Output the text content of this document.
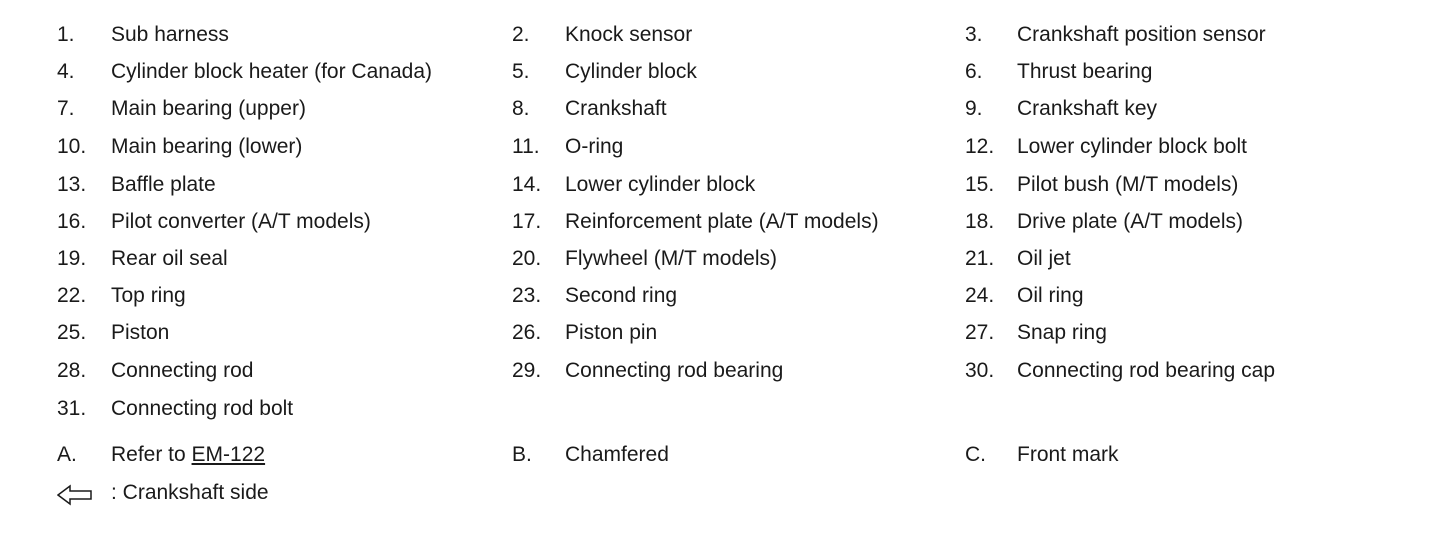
1. Sub harness	2. Knock sensor	3. Crankshaft position sensor
4. Cylinder block heater (for Canada)	5. Cylinder block	6. Thrust bearing
7. Main bearing (upper)	8. Crankshaft	9. Crankshaft key
10. Main bearing (lower)	11. O-ring	12. Lower cylinder block bolt
13. Baffle plate	14. Lower cylinder block	15. Pilot bush (M/T models)
16. Pilot converter (A/T models)	17. Reinforcement plate (A/T models)	18. Drive plate (A/T models)
19. Rear oil seal	20. Flywheel (M/T models)	21. Oil jet
22. Top ring	23. Second ring	24. Oil ring
25. Piston	26. Piston pin	27. Snap ring
28. Connecting rod	29. Connecting rod bearing	30. Connecting rod bearing cap
31. Connecting rod bolt
A. Refer to EM-122	B. Chamfered	C. Front mark
: Crankshaft side
